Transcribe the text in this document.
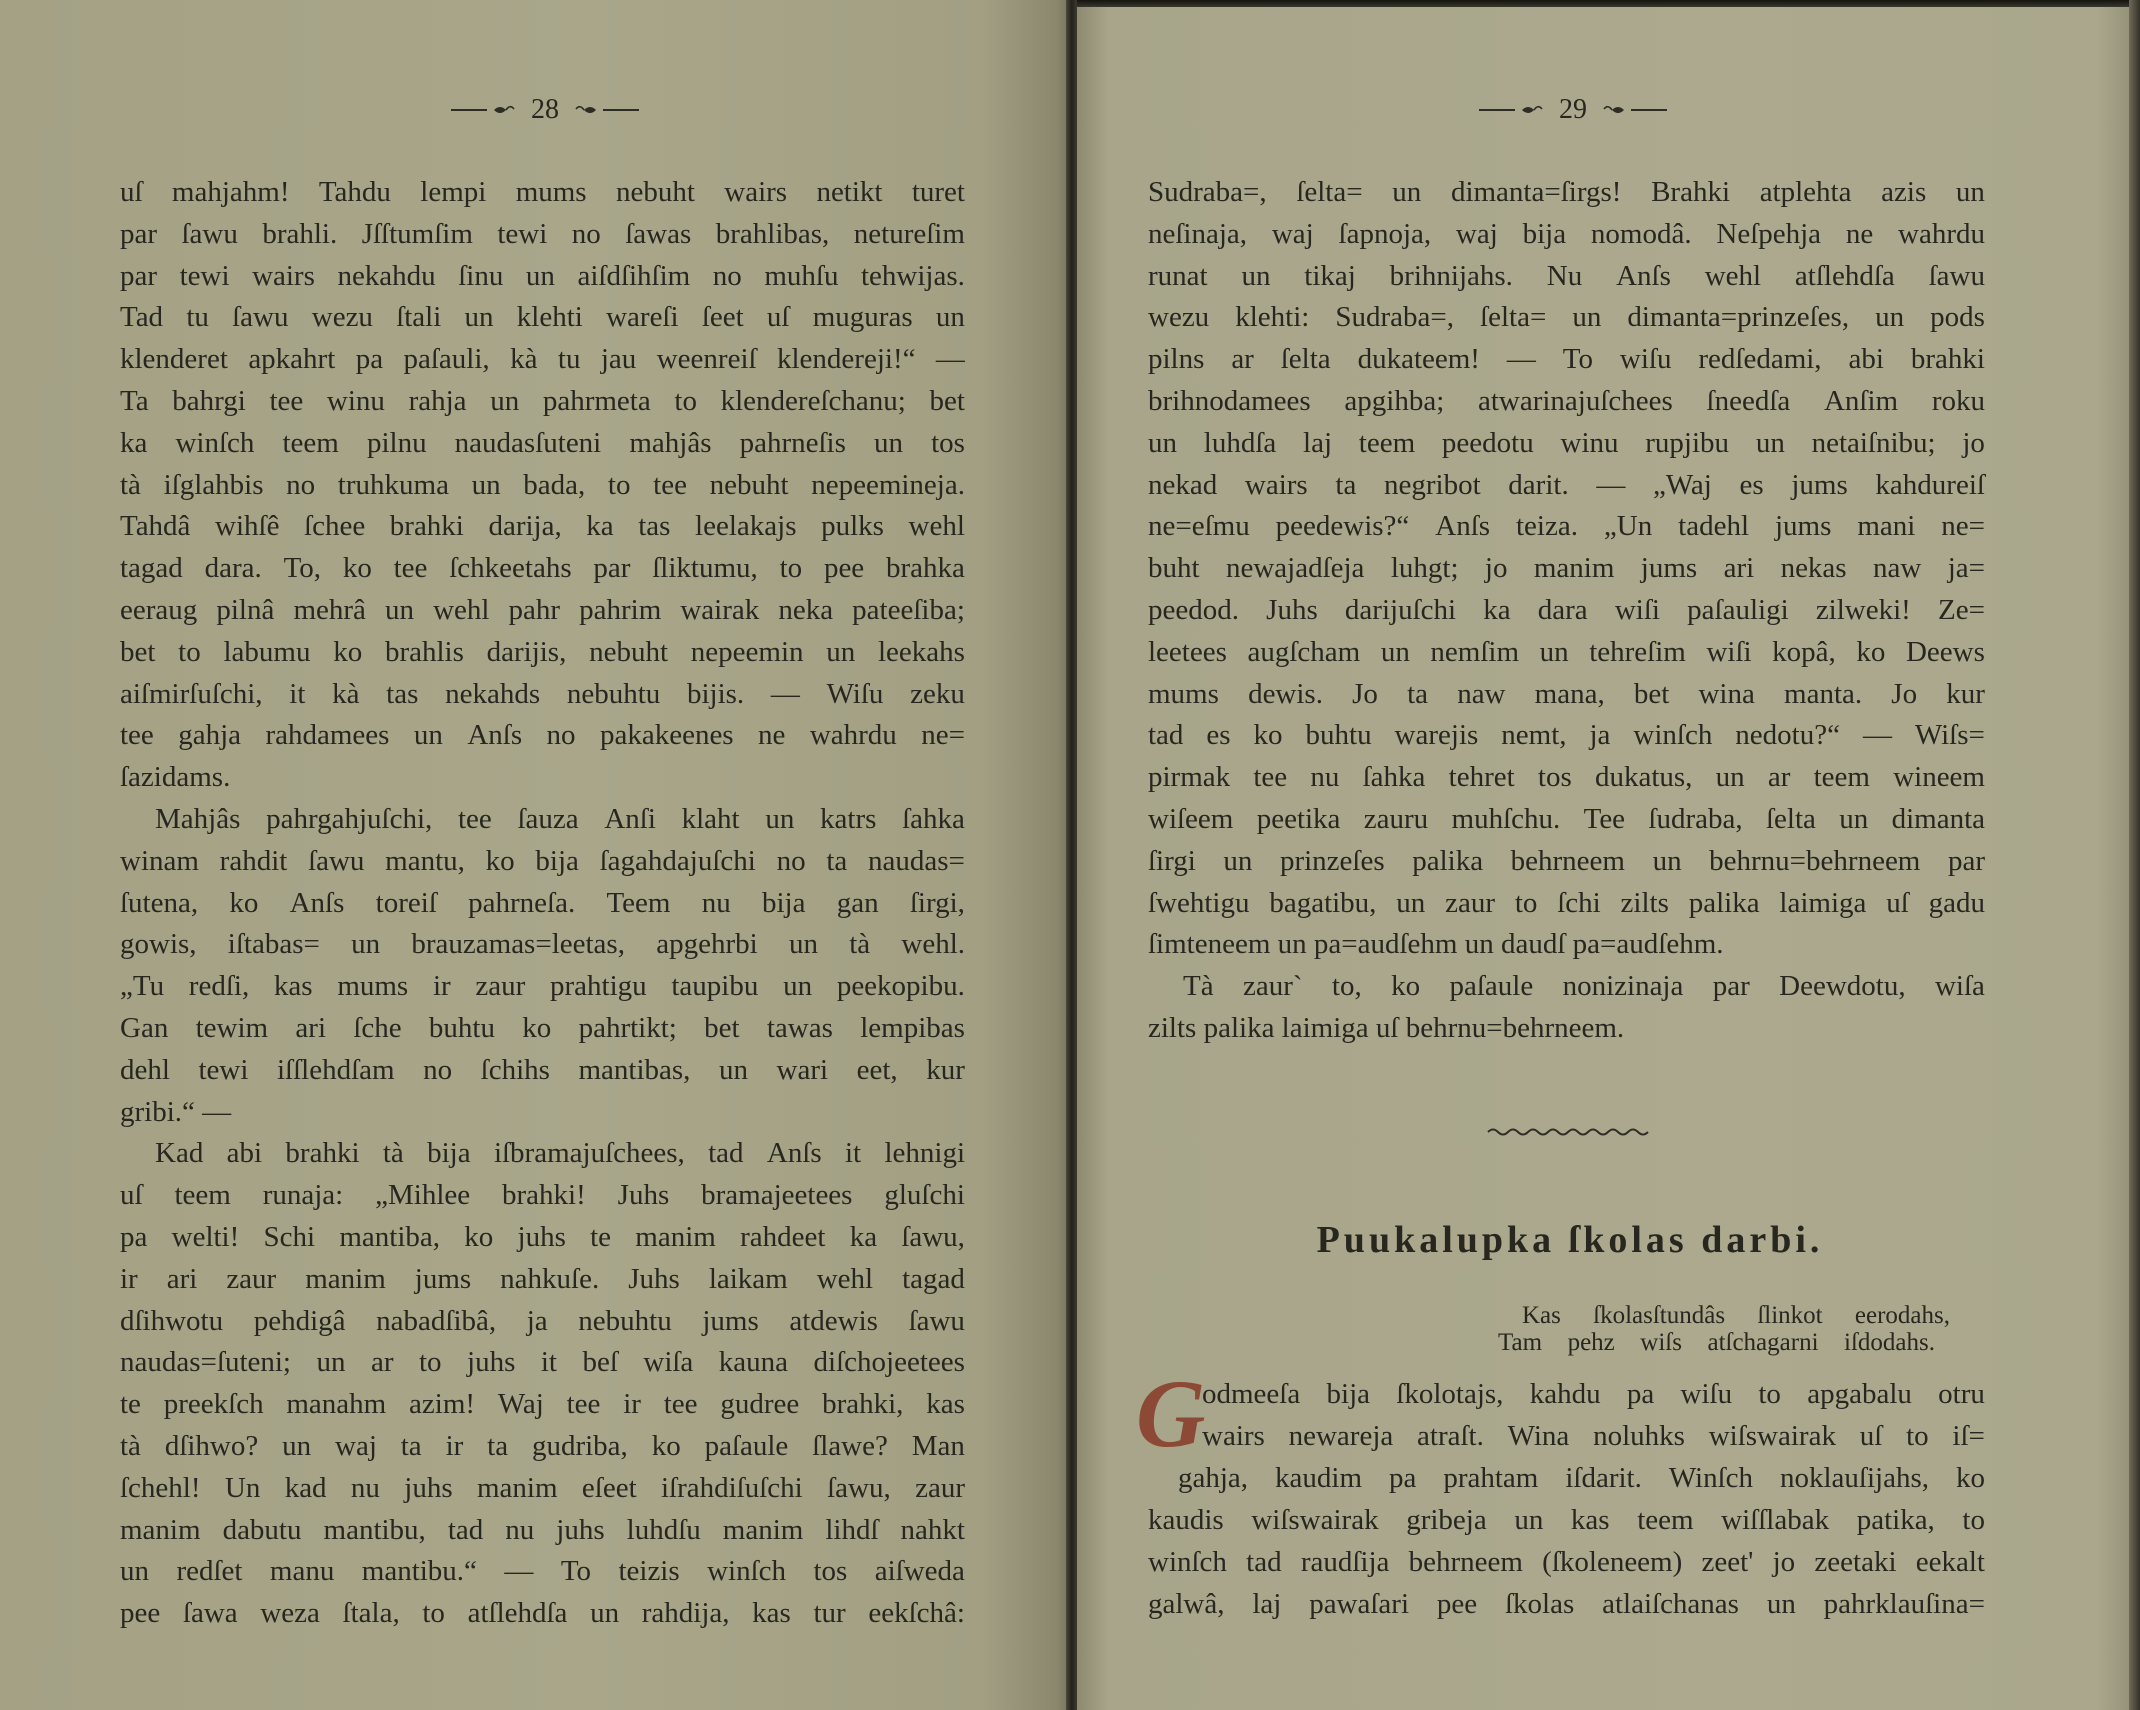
28	29
uſ mahjahm! Tahdu lempi mums nebuht wairs netikt turet
par ſawu brahli. Jſſtumſim tewi no ſawas brahlibas, netureſim
par tewi wairs nekahdu ſinu un aiſdſihſim no muhſu tehwijas.
Tad tu ſawu wezu ſtali un klehti wareſi ſeet uſ muguras un
klenderet apkahrt pa paſauli, kà tu jau weenreiſ klendereji!“ —
Ta bahrgi tee winu rahja un pahrmeta to klendereſchanu; bet
ka winſch teem pilnu naudasſuteni mahjâs pahrneſis un tos
tà iſglahbis no truhkuma un bada, to tee nebuht nepeemineja.
Tahdâ wihſê ſchee brahki darija, ka tas leelakajs pulks wehl
tagad dara. To, ko tee ſchkeetahs par ſliktumu, to pee brahka
eeraug pilnâ mehrâ un wehl pahr pahrim wairak neka pateeſiba;
bet to labumu ko brahlis darijis, nebuht nepeemin un leekahs
aiſmirſuſchi, it kà tas nekahds nebuhtu bijis. — Wiſu zeku
tee gahja rahdamees un Anſs no pakakeenes ne wahrdu ne=
ſazidams.
Mahjâs pahrgahjuſchi, tee ſauza Anſi klaht un katrs ſahka
winam rahdit ſawu mantu, ko bija ſagahdajuſchi no ta naudas=
ſutena, ko Anſs toreiſ pahrneſa. Teem nu bija gan ſirgi,
gowis, iſtabas= un brauzamas=leetas, apgehrbi un tà wehl.
„Tu redſi, kas mums ir zaur prahtigu taupibu un peekopibu.
Gan tewim ari ſche buhtu ko pahrtikt; bet tawas lempibas
dehl tewi iſſlehdſam no ſchihs mantibas, un wari eet, kur
gribi.“ —
Kad abi brahki tà bija iſbramajuſchees, tad Anſs it lehnigi
uſ teem runaja: „Mihlee brahki! Juhs bramajeetees gluſchi
pa welti! Schi mantiba, ko juhs te manim rahdeet ka ſawu,
ir ari zaur manim jums nahkuſe. Juhs laikam wehl tagad
dſihwotu pehdigâ nabadſibâ, ja nebuhtu jums atdewis ſawu
naudas=ſuteni; un ar to juhs it beſ wiſa kauna diſchojeetees
te preekſch manahm azim! Waj tee ir tee gudree brahki, kas
tà dſihwo? un waj ta ir ta gudriba, ko paſaule ſlawe? Man
ſchehl! Un kad nu juhs manim eſeet iſrahdiſuſchi ſawu, zaur
manim dabutu mantibu, tad nu juhs luhdſu manim lihdſ nahkt
un redſet manu mantibu.“ — To teizis winſch tos aiſweda
pee ſawa weza ſtala, to atſlehdſa un rahdija, kas tur eekſchâ:
Sudraba=, ſelta= un dimanta=ſirgs! Brahki atplehta azis un
neſinaja, waj ſapnoja, waj bija nomodâ. Neſpehja ne wahrdu
runat un tikaj brihnijahs. Nu Anſs wehl atſlehdſa ſawu
wezu klehti: Sudraba=, ſelta= un dimanta=prinzeſes, un pods
pilns ar ſelta dukateem! — To wiſu redſedami, abi brahki
brihnodamees apgihba; atwarinajuſchees ſneedſa Anſim roku
un luhdſa laj teem peedotu winu rupjibu un netaiſnibu; jo
nekad wairs ta negribot darit. — „Waj es jums kahdureiſ
ne=eſmu peedewis?“ Anſs teiza. „Un tadehl jums mani ne=
buht newajadſeja luhgt; jo manim jums ari nekas naw ja=
peedod. Juhs darijuſchi ka dara wiſi paſauligi zilweki! Ze=
leetees augſcham un nemſim un tehreſim wiſi kopâ, ko Deews
mums dewis. Jo ta naw mana, bet wina manta. Jo kur
tad es ko buhtu warejis nemt, ja winſch nedotu?“ — Wiſs=
pirmak tee nu ſahka tehret tos dukatus, un ar teem wineem
wiſeem peetika zauru muhſchu. Tee ſudraba, ſelta un dimanta
ſirgi un prinzeſes palika behrneem un behrnu=behrneem par
ſwehtigu bagatibu, un zaur to ſchi zilts palika laimiga uſ gadu
ſimteneem un pa=audſehm un daudſ pa=audſehm.
Tà zaur` to, ko paſaule nonizinaja par Deewdotu, wiſa
zilts palika laimiga uſ behrnu=behrneem.
Puukalupka ſkolas darbi.
Kas ſkolasſtundâs ſlinkot eerodahs,
Tam pehz wiſs atſchagarni iſdodahs.
G
odmeeſa bija ſkolotajs, kahdu pa wiſu to apgabalu otru
wairs newareja atraſt. Wina noluhks wiſswairak uſ to iſ=
gahja, kaudim pa prahtam iſdarit. Winſch noklauſijahs, ko
kaudis wiſswairak gribeja un kas teem wiſſlabak patika, to
winſch tad raudſija behrneem (ſkoleneem) zeet' jo zeetaki eekalt
galwâ, laj pawaſari pee ſkolas atlaiſchanas un pahrklauſina=
